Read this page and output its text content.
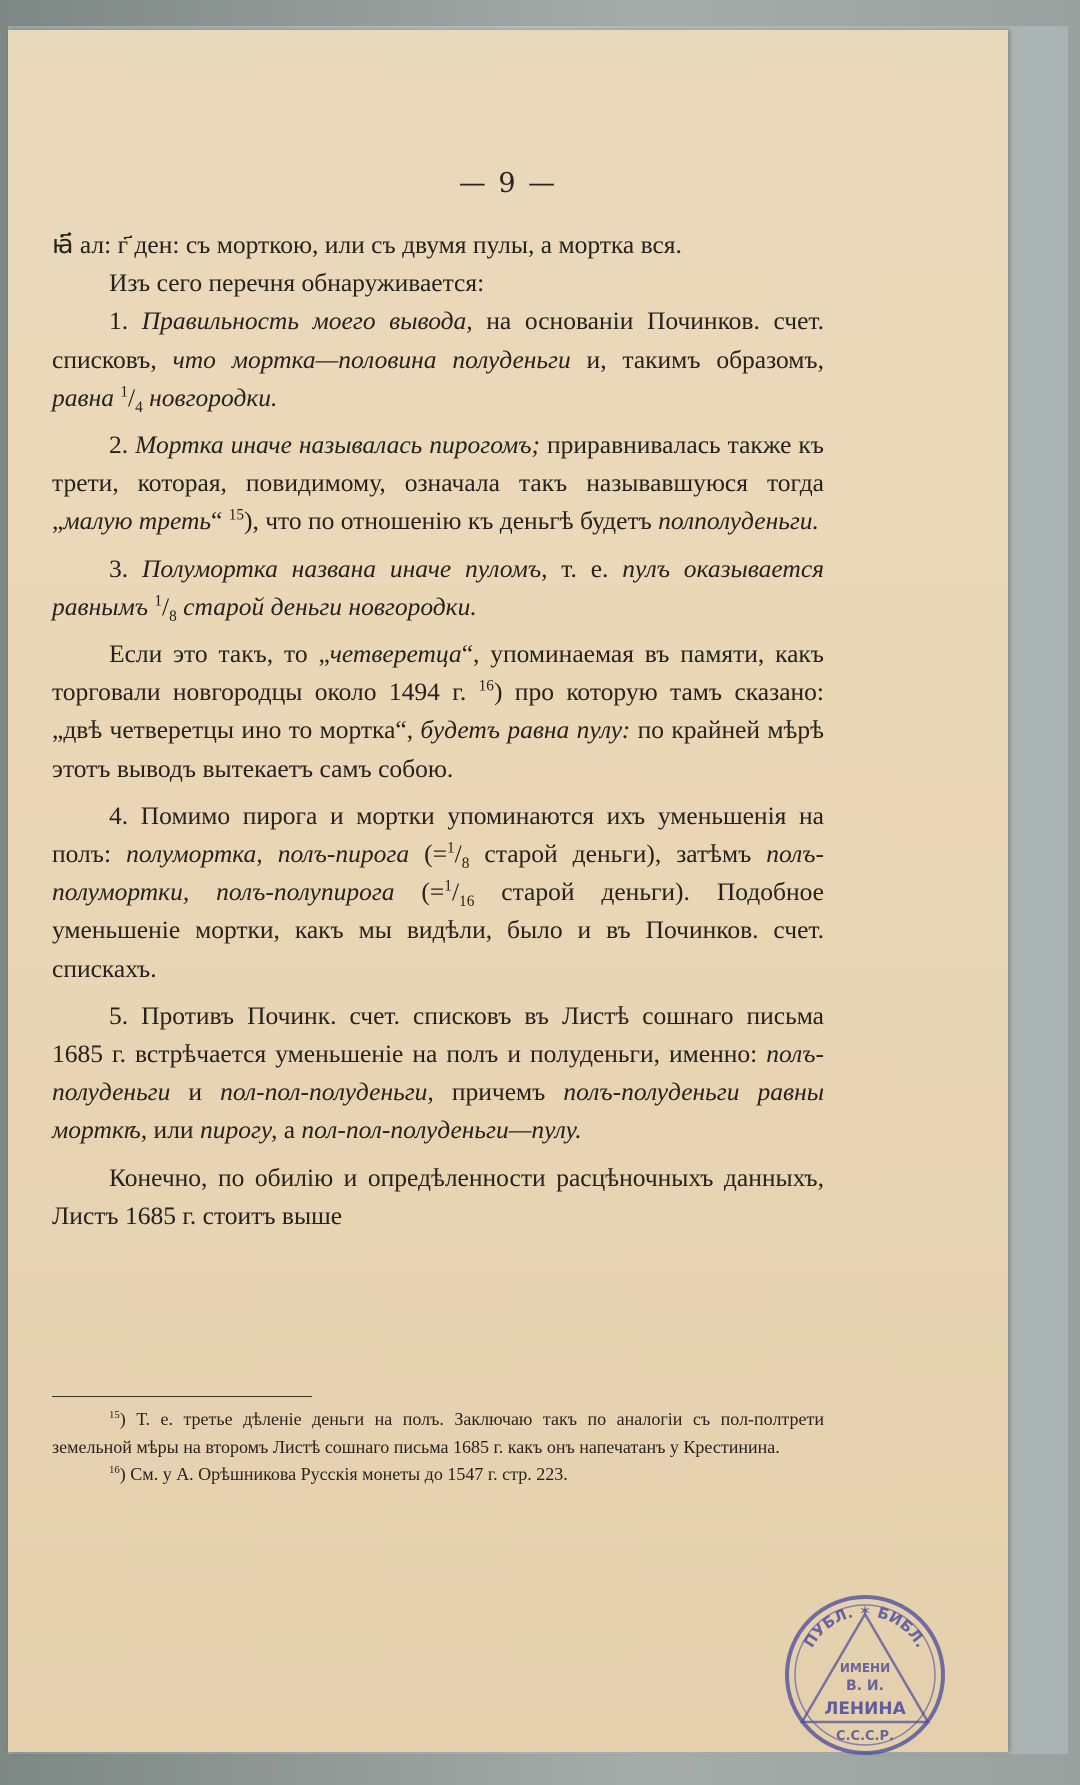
— 9 —

ꙗ҃ ал: г҃ ден: съ морткою, или съ двумя пулы, а мортка вся.

Изъ сего перечня обнаруживается:

1. Правильность моего вывода, на основаніи Починков. счет. списковъ, что мортка—половина полуденьги и, такимъ образомъ, равна $^1/_4$ новгородки.

2. Мортка иначе называлась пирогомъ; приравнивалась также къ трети, которая, повидимому, означала такъ называвшуюся тогда „малую треть“ $^{15}$), что по отношенію къ деньгѣ будетъ полполуденьги.

3. Полумортка названа иначе пуломъ, т. е. пулъ оказывается равнымъ $^1/_8$ старой деньги новгородки.

Если это такъ, то „четверетца“, упоминаемая въ памяти, какъ торговали новгородцы около 1494 г. $^{16}$) про которую тамъ сказано: „двѣ четверетцы ино то мортка“, будетъ равна пулу: по крайней мѣрѣ этотъ выводъ вытекаетъ самъ собою.

4. Помимо пирога и мортки упоминаются ихъ уменьшенія на полъ: полумортка, полъ-пирога ($=^1/_8$ старой деньги), затѣмъ полъ-полумортки, полъ-полупирога ($=^1/_{16}$ старой деньги). Подобное уменьшеніе мортки, какъ мы видѣли, было и въ Починков. счет. спискахъ.

5. Противъ Починк. счет. списковъ въ Листѣ сошнаго письма 1685 г. встрѣчается уменьшеніе на полъ и полуденьги, именно: полъ-полуденьги и пол-пол-полуденьги, причемъ полъ-полуденьги равны морткѣ, или пирогу, а пол-пол-полуденьги—пулу.

Конечно, по обилію и опредѣленности расцѣночныхъ данныхъ, Листъ 1685 г. стоитъ выше

$^{15}$) Т. е. третье дѣленіе деньги на полъ. Заключаю такъ по аналогіи съ пол-полтрети земельной мѣры на второмъ Листѣ сошнаго письма 1685 г. какъ онъ напечатанъ у Крестинина.

$^{16}$) См. у А. Орѣшникова Русскія монеты до 1547 г. стр. 223.

ПУБЛ. ✶ БИБЛ.
ИМЕНИ
В. И.
ЛЕНИНА
С.С.С.Р.
